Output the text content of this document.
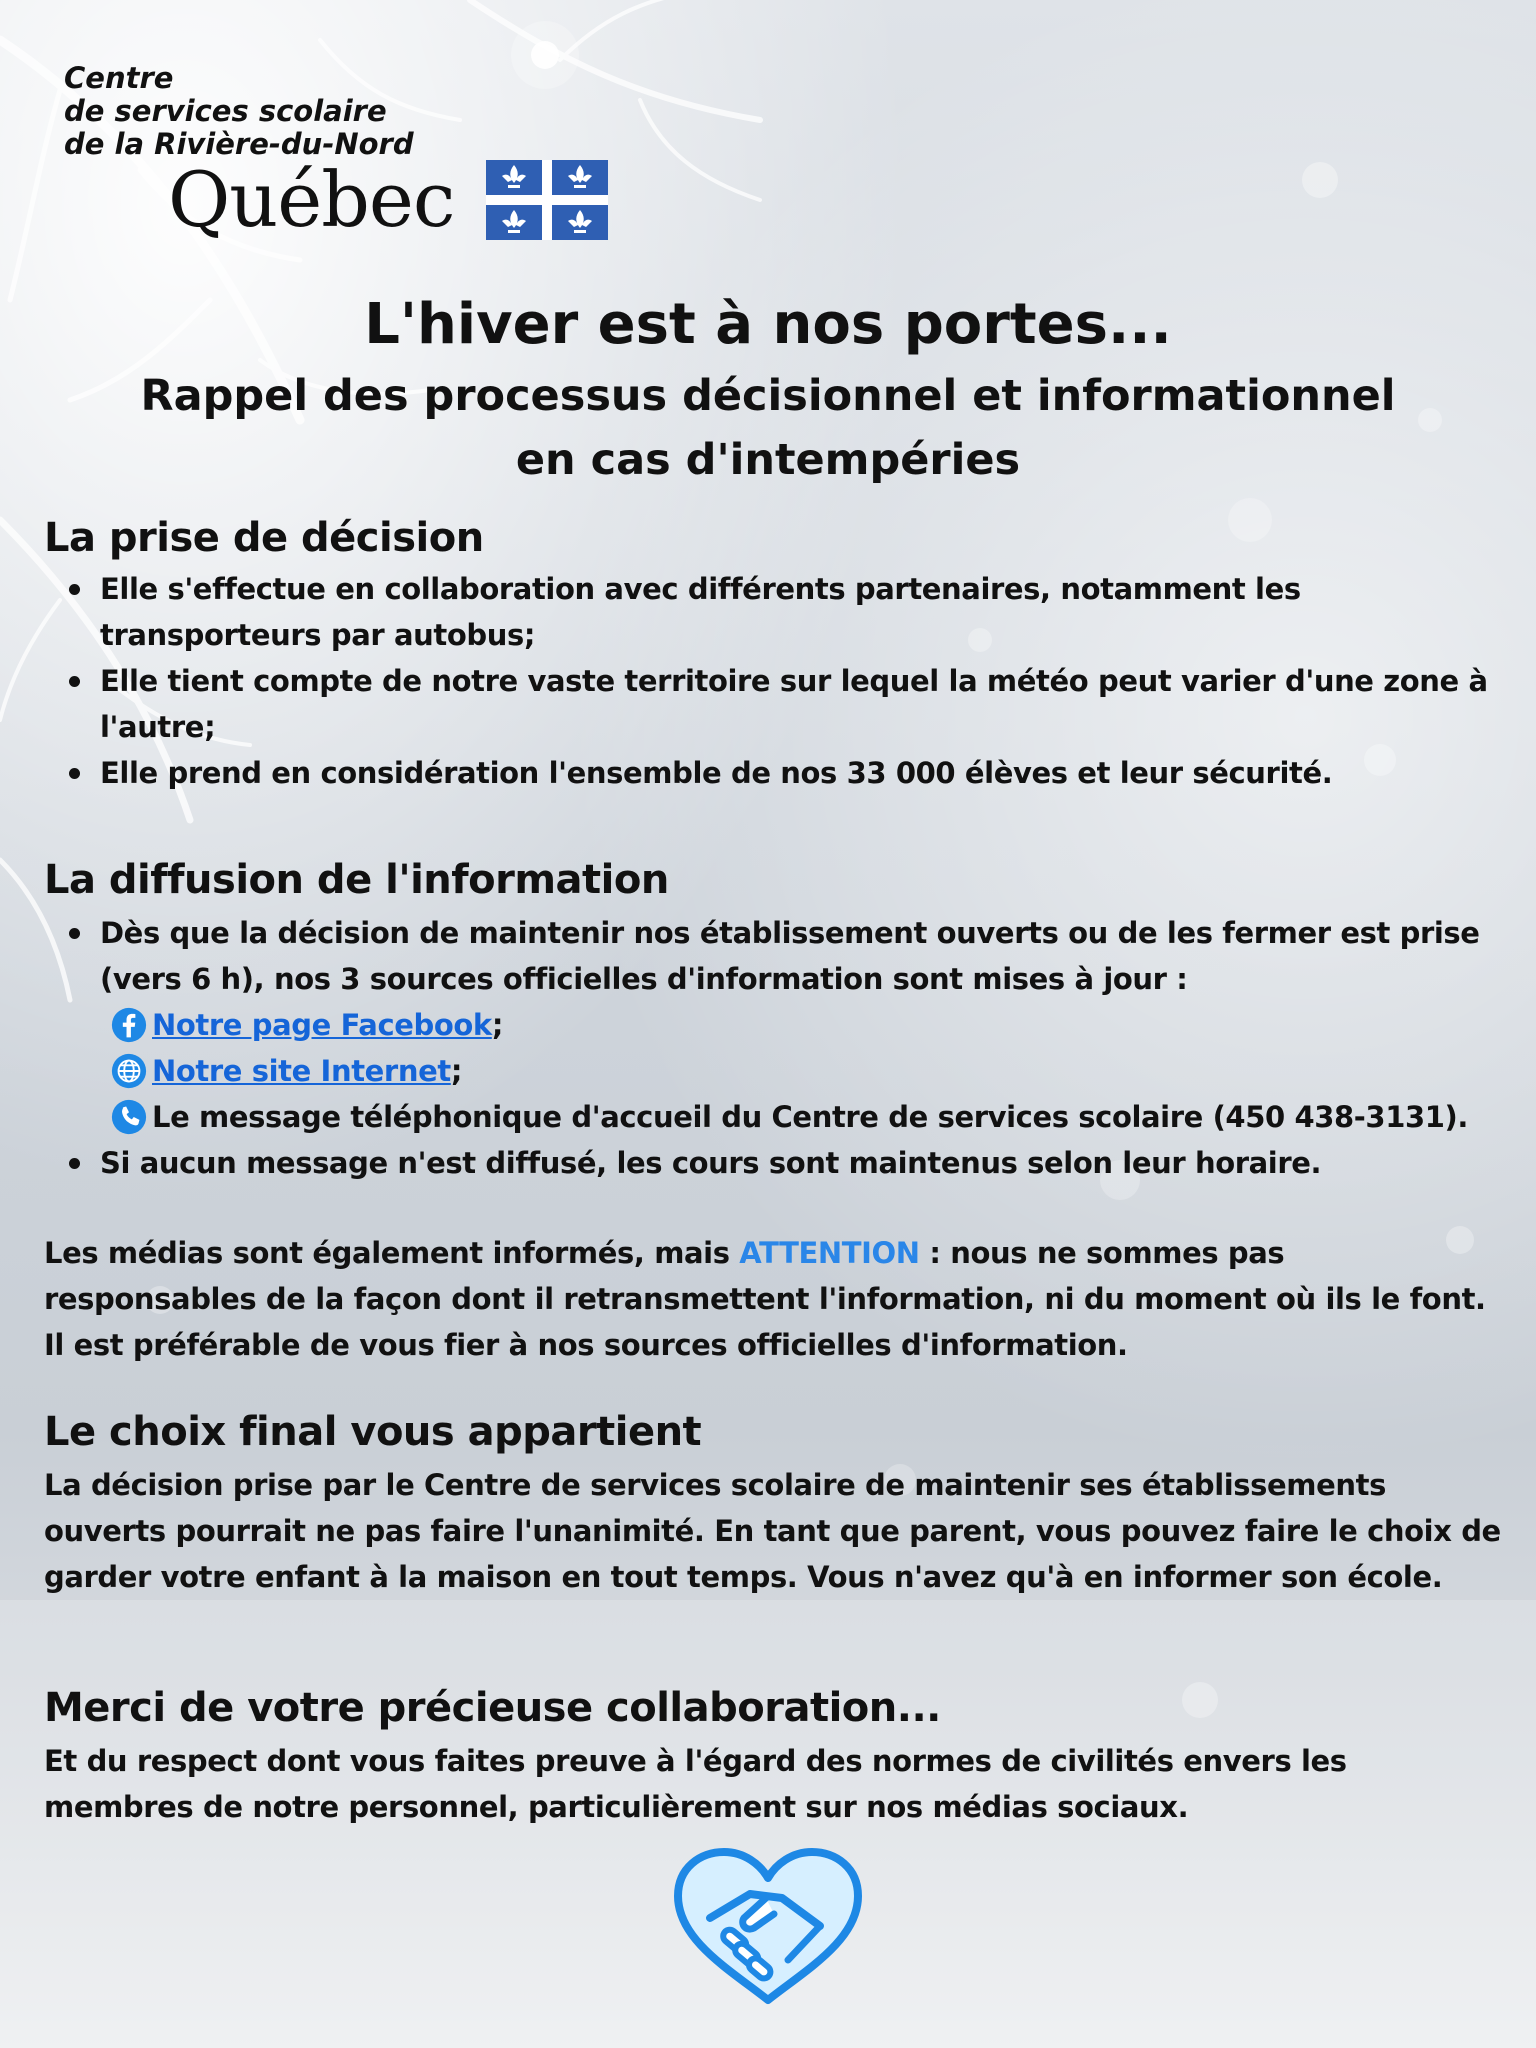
Centre
de services scolaire
de la Rivière-du-Nord
Québec
L'hiver est à nos portes...
Rappel des processus décisionnel et informationnel
en cas d'intempéries
La prise de décision
Elle s'effectue en collaboration avec différents partenaires, notamment les transporteurs par autobus;
Elle tient compte de notre vaste territoire sur lequel la météo peut varier d'une zone à l'autre;
Elle prend en considération l'ensemble de nos 33 000 élèves et leur sécurité.
La diffusion de l'information
Dès que la décision de maintenir nos établissement ouverts ou de les fermer est prise (vers 6 h), nos 3 sources officielles d'information sont mises à jour :
Notre page Facebook ;
Notre site Internet ;
Le message téléphonique d'accueil du Centre de services scolaire (450 438-3131).
Si aucun message n'est diffusé, les cours sont maintenus selon leur horaire.

Les médias sont également informés, mais ATTENTION : nous ne sommes pas responsables de la façon dont il retransmettent l'information, ni du moment où ils le font. Il est préférable de vous fier à nos sources officielles d'information.

Le choix final vous appartient

La décision prise par le Centre de services scolaire de maintenir ses établissements ouverts pourrait ne pas faire l'unanimité. En tant que parent, vous pouvez faire le choix de garder votre enfant à la maison en tout temps. Vous n'avez qu'à en informer son école.

Merci de votre précieuse collaboration...

Et du respect dont vous faites preuve à l'égard des normes de civilités envers les membres de notre personnel, particulièrement sur nos médias sociaux.
